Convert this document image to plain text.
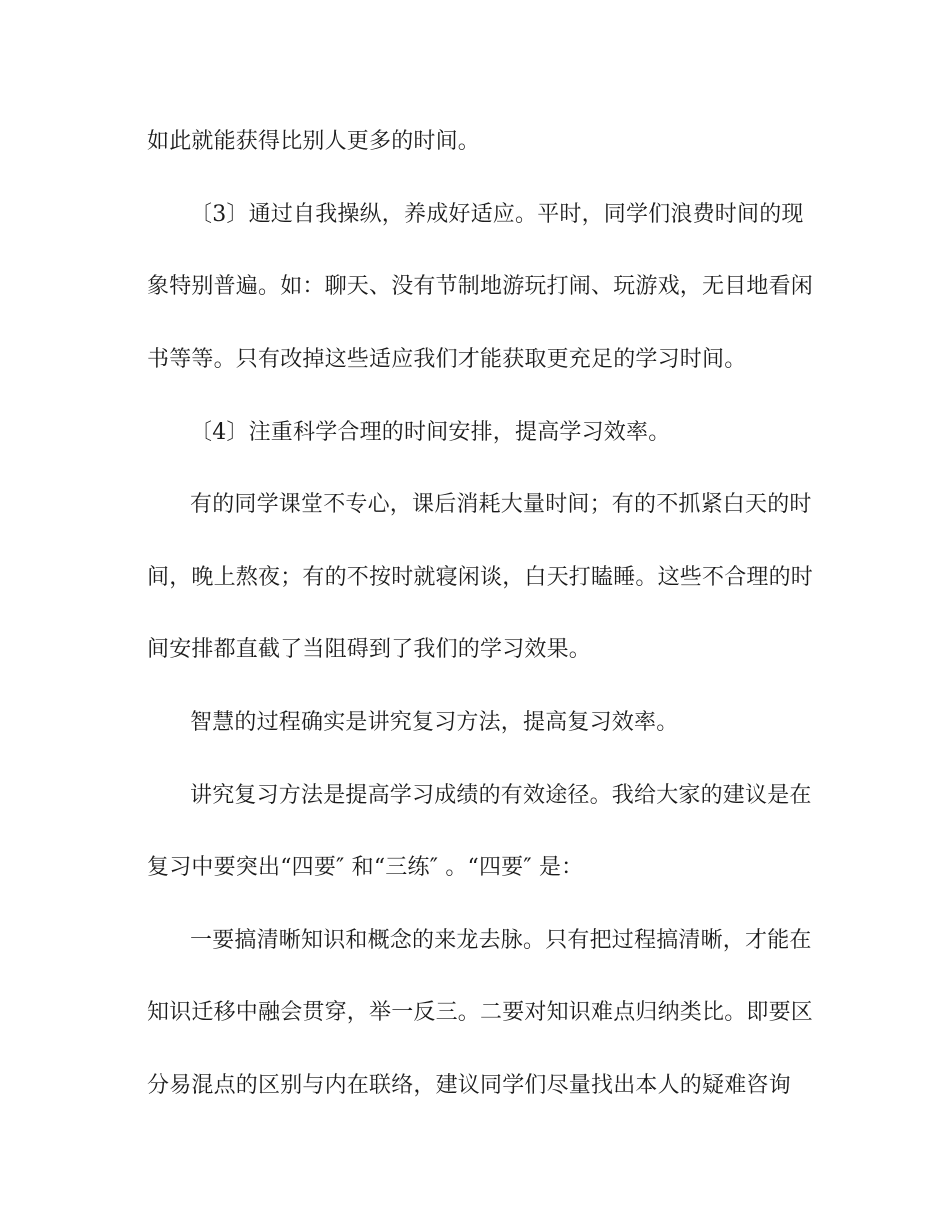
如此就能获得比别人更多的时间。

〔3〕通过自我操纵，养成好适应。平时，同学们浪费时间的现

象特别普遍。如：聊天、没有节制地游玩打闹、玩游戏，无目地看闲

书等等。只有改掉这些适应我们才能获取更充足的学习时间。

〔4〕注重科学合理的时间安排，提高学习效率。

有的同学课堂不专心，课后消耗大量时间；有的不抓紧白天的时

间，晚上熬夜；有的不按时就寝闲谈，白天打瞌睡。这些不合理的时

间安排都直截了当阻碍到了我们的学习效果。

智慧的过程确实是讲究复习方法，提高复习效率。

讲究复习方法是提高学习成绩的有效途径。我给大家的建议是在

复习中要突出“四要″ 和“三练″ 。“四要″ 是：

一要搞清晰知识和概念的来龙去脉。只有把过程搞清晰，才能在

知识迁移中融会贯穿，举一反三。二要对知识难点归纳类比。即要区

分易混点的区别与内在联络，建议同学们尽量找出本人的疑难咨询
